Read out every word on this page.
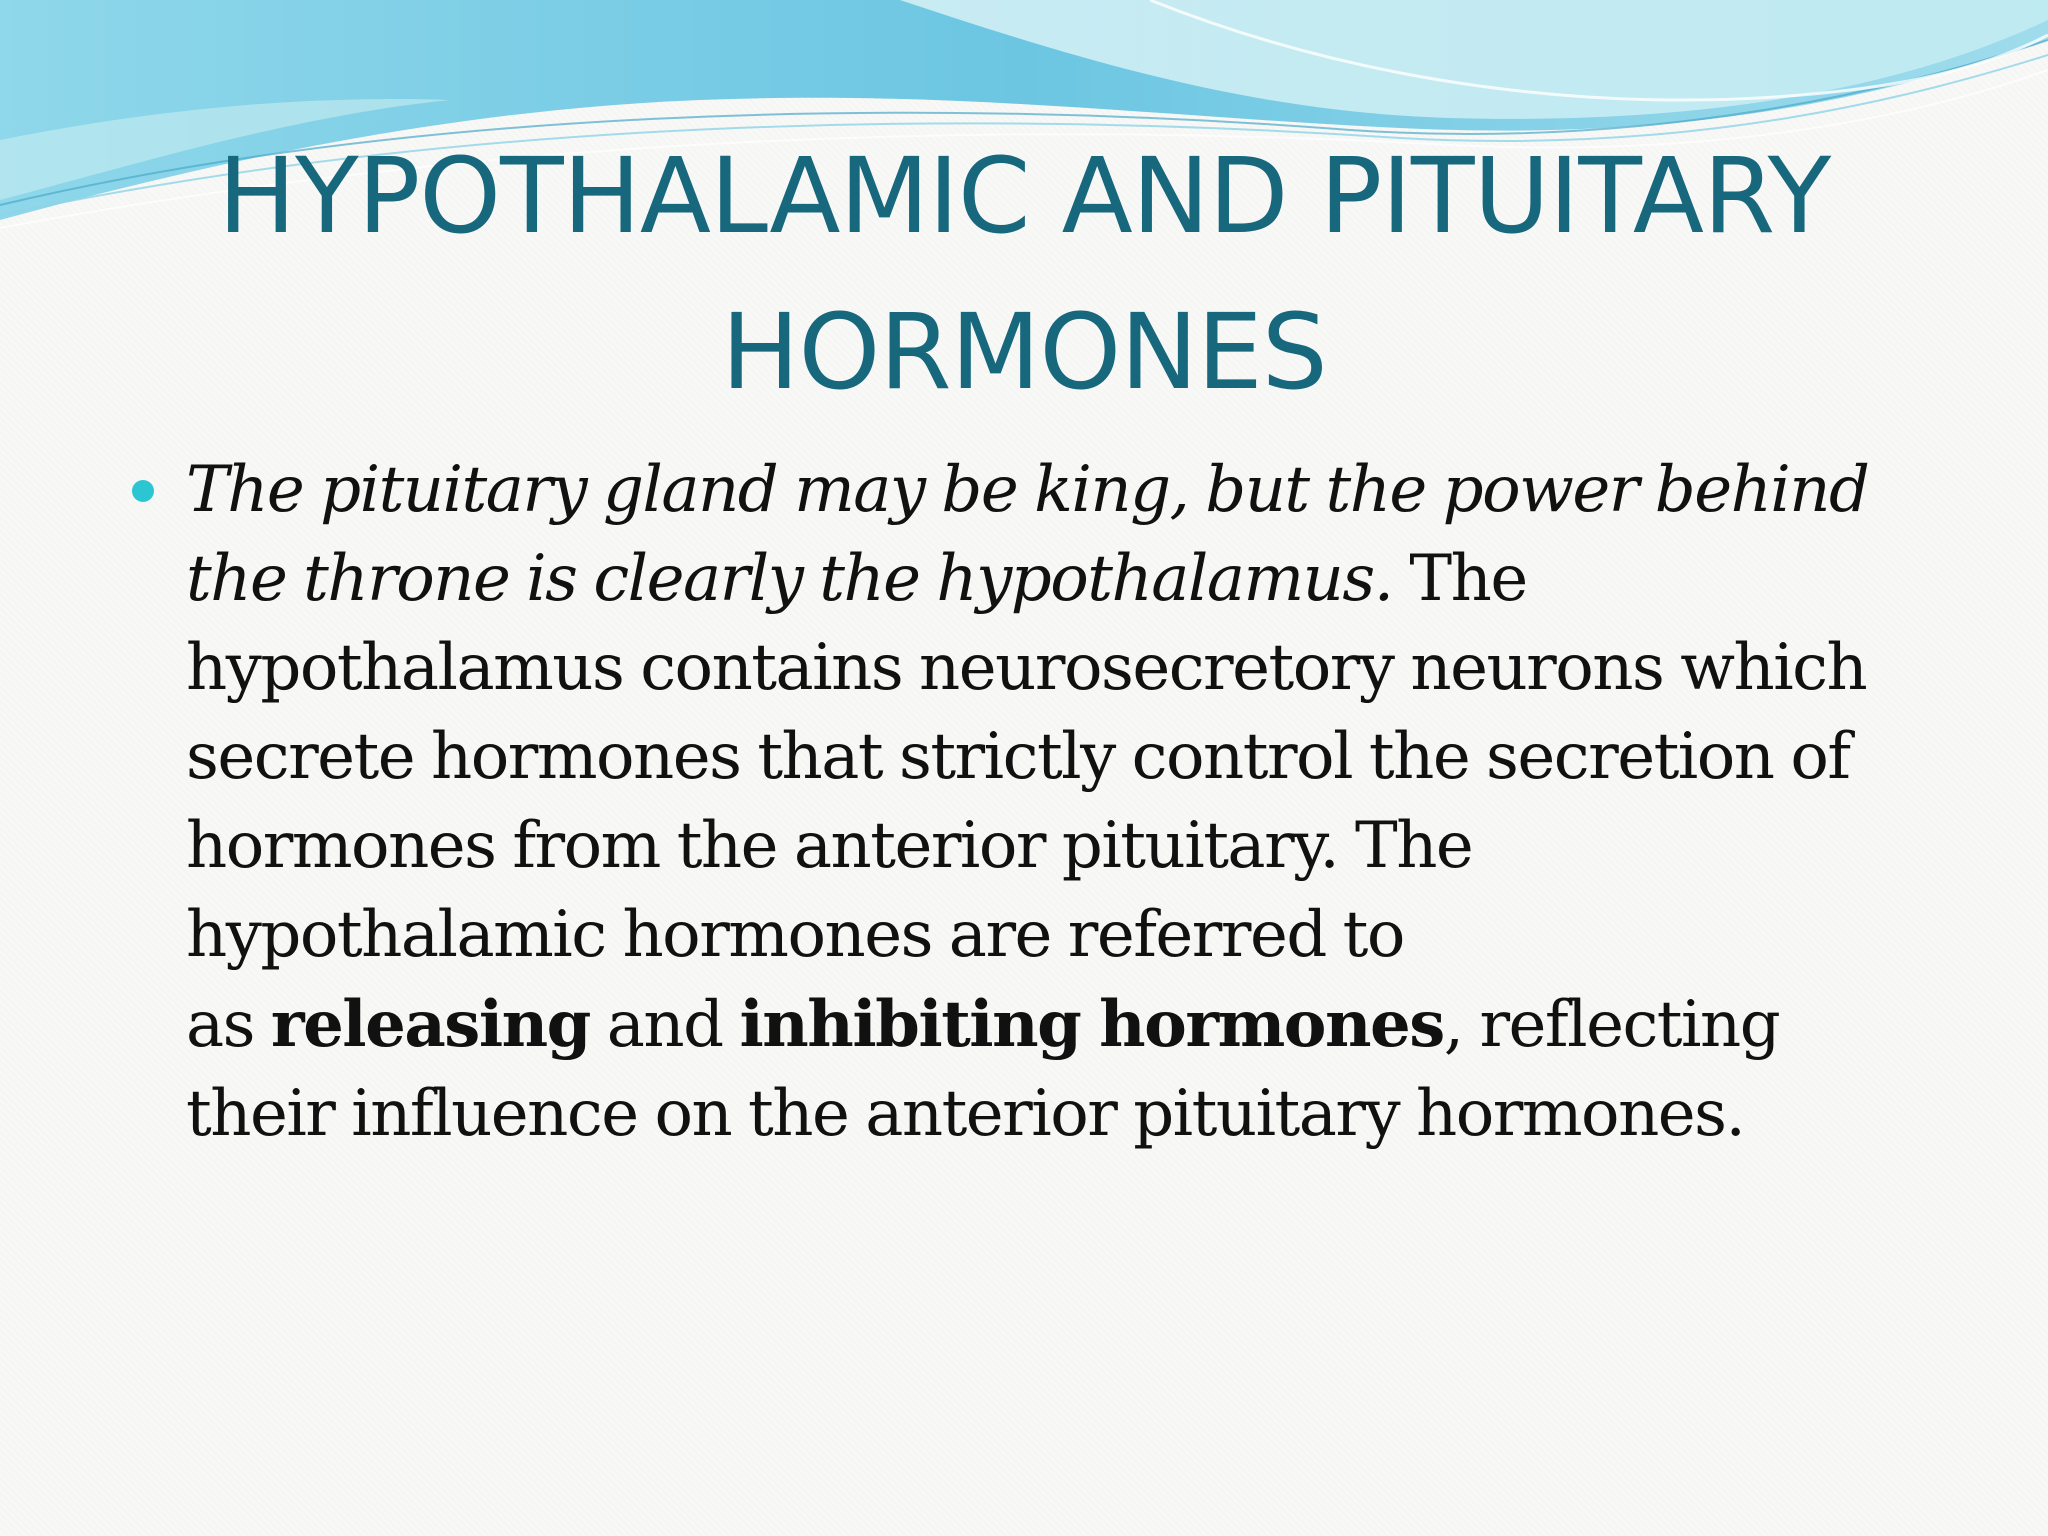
HYPOTHALAMIC AND PITUITARY
HORMONES
The pituitary gland may be king, but the power behind
the throne is clearly the hypothalamus. The
hypothalamus contains neurosecretory neurons which
secrete hormones that strictly control the secretion of
hormones from the anterior pituitary. The
hypothalamic hormones are referred to
as releasing and inhibiting hormones, reflecting
their influence on the anterior pituitary hormones.
